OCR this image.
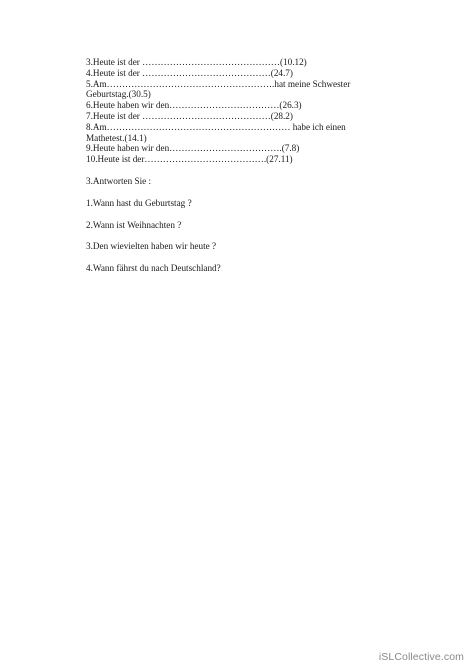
3.Heute ist der ………………………………………(10.12)
4.Heute ist der ……………………………………(24.7)
5.Am……………………………………………….hat meine Schwester
Geburtstag.(30.5)
6.Heute haben wir den………………………………(26.3)
7.Heute ist der ……………………………………(28.2)
8.Am…………………………………………………… habe ich einen
Mathetest.(14.1)
9.Heute haben wir den……………………………….(7.8)
10.Heute ist der………………………………….(27.11)
3.Antworten Sie :
1.Wann hast du Geburtstag ?
2.Wann ist Weihnachten ?
3.Den wievielten haben wir heute ?
4.Wann fährst du nach Deutschland?
iSLCollective.com
